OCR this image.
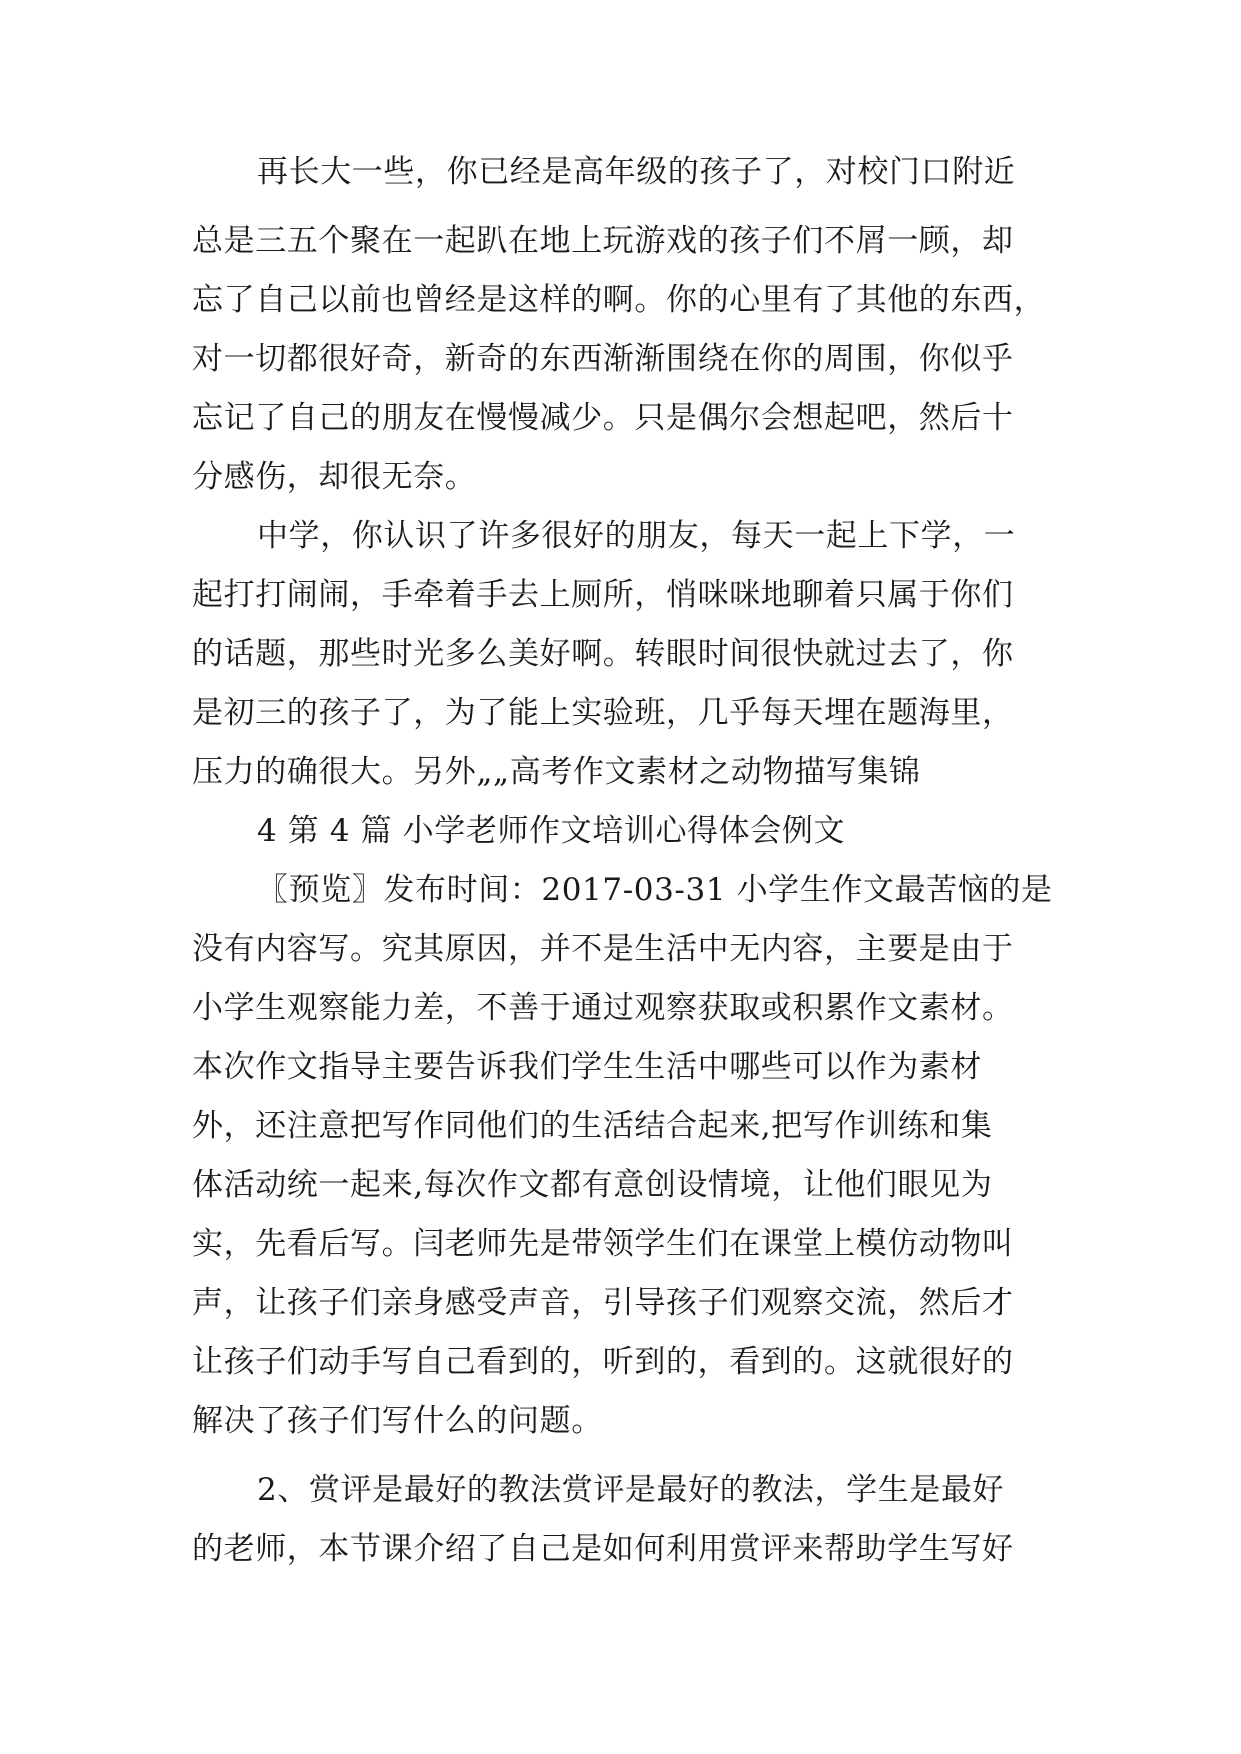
再长大一些，你已经是高年级的孩子了，对校门口附近
总是三五个聚在一起趴在地上玩游戏的孩子们不屑一顾，却
忘了自己以前也曾经是这样的啊。你的心里有了其他的东西，
对一切都很好奇，新奇的东西渐渐围绕在你的周围，你似乎
忘记了自己的朋友在慢慢减少。只是偶尔会想起吧，然后十
分感伤，却很无奈。
中学，你认识了许多很好的朋友，每天一起上下学，一
起打打闹闹，手牵着手去上厕所，悄咪咪地聊着只属于你们
的话题，那些时光多么美好啊。转眼时间很快就过去了，你
是初三的孩子了，为了能上实验班，几乎每天埋在题海里，
压力的确很大。另外„„高考作文素材之动物描写集锦
4 第 4 篇 小学老师作文培训心得体会例文
〖预览〗发布时间：2017-03-31 小学生作文最苦恼的是
没有内容写。究其原因，并不是生活中无内容，主要是由于
小学生观察能力差，不善于通过观察获取或积累作文素材。
本次作文指导主要告诉我们学生生活中哪些可以作为素材
外，还注意把写作同他们的生活结合起来,把写作训练和集
体活动统一起来,每次作文都有意创设情境，让他们眼见为
实，先看后写。闫老师先是带领学生们在课堂上模仿动物叫
声，让孩子们亲身感受声音，引导孩子们观察交流，然后才
让孩子们动手写自己看到的，听到的，看到的。这就很好的
解决了孩子们写什么的问题。
2、赏评是最好的教法赏评是最好的教法，学生是最好
的老师，本节课介绍了自己是如何利用赏评来帮助学生写好
